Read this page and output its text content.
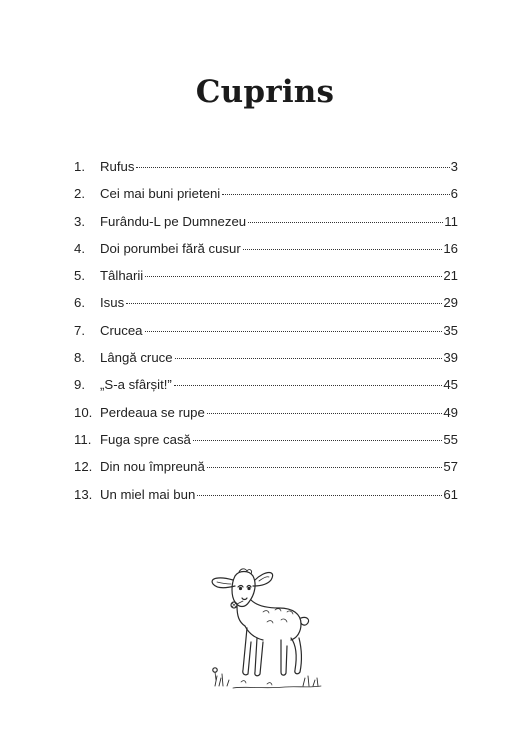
Cuprins
1.	Rufus	3
2.	Cei mai buni prieteni	6
3.	Furându-L pe Dumnezeu	11
4.	Doi porumbei fără cusur	16
5.	Tâlharii	21
6.	Isus	29
7.	Crucea	35
8.	Lângă cruce	39
9.	„S-a sfârșit!”	45
10. Perdeaua se rupe	49
11. Fuga spre casă	55
12. Din nou împreună	57
13. Un miel mai bun	61
